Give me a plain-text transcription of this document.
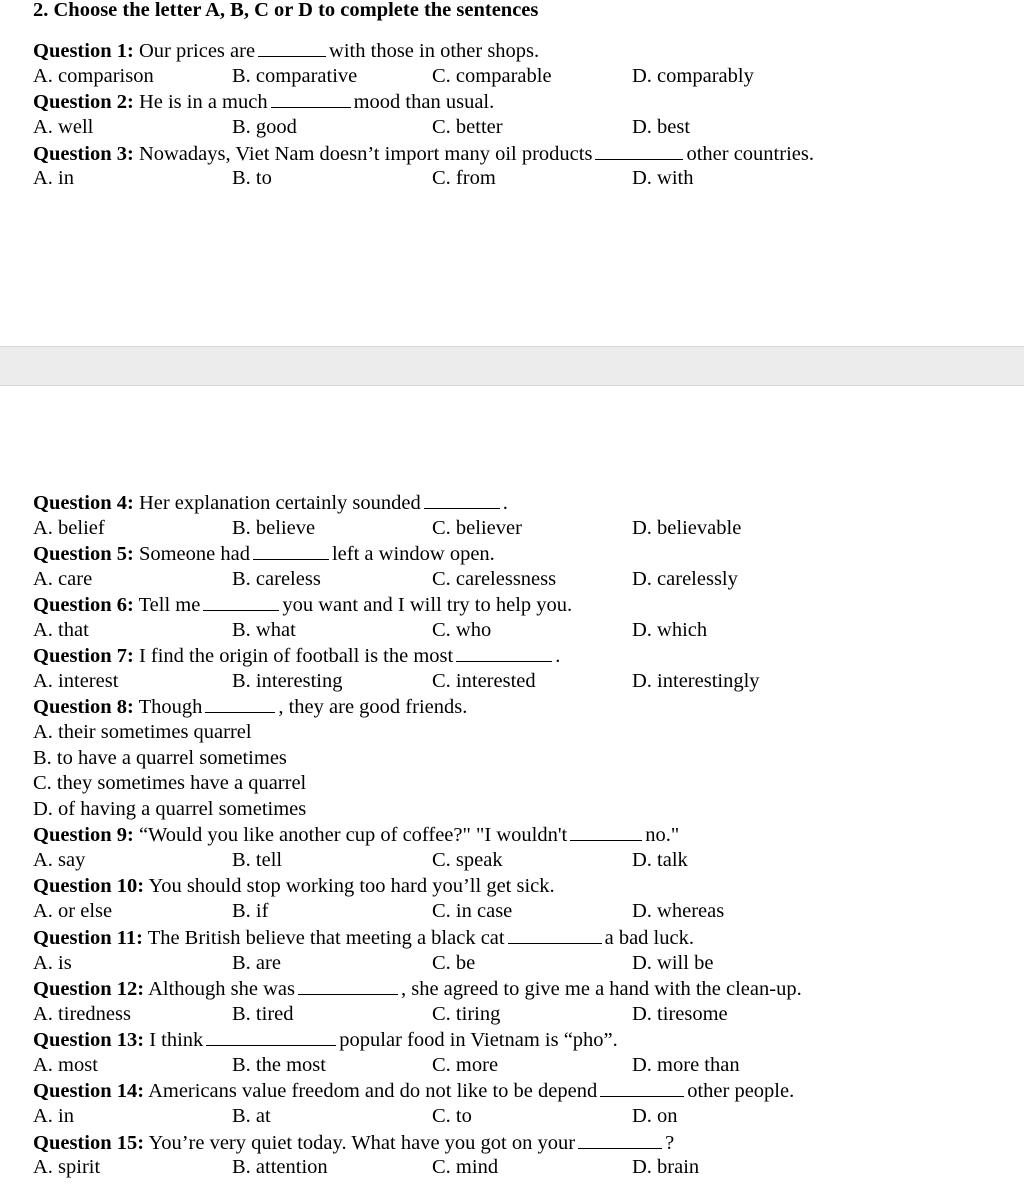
2. Choose the letter A, B, C or D to complete the sentences
Question 1: Our prices are	with those in other shops.
A. comparison	B. comparative	C. comparable	D. comparably
Question 2: He is in a much	mood than usual.
A. well	B. good	C. better	D. best
Question 3: Nowadays, Viet Nam doesn’t import many oil products	other countries.
A. in	B. to	C. from	D. with
Question 4: Her explanation certainly sounded	.
A. belief	B. believe	C. believer	D. believable
Question 5: Someone had	left a window open.
A. care	B. careless	C. carelessness	D. carelessly
Question 6: Tell me	you want and I will try to help you.
A. that	B. what	C. who	D. which
Question 7: I find the origin of football is the most	.
A. interest	B. interesting	C. interested	D. interestingly
Question 8: Though	, they are good friends.
A. their sometimes quarrel
B. to have a quarrel sometimes
C. they sometimes have a quarrel
D. of having a quarrel sometimes
Question 9: “Would you like another cup of coffee?" "I wouldn't	no."
A. say	B. tell	C. speak	D. talk
Question 10: You should stop working too hard you’ll get sick.
A. or else	B. if	C. in case	D. whereas
Question 11: The British believe that meeting a black cat	a bad luck.
A. is	B. are	C. be	D. will be
Question 12: Although she was	, she agreed to give me a hand with the clean-up.
A. tiredness	B. tired	C. tiring	D. tiresome
Question 13: I think	popular food in Vietnam is “pho”.
A. most	B. the most	C. more	D. more than
Question 14: Americans value freedom and do not like to be depend	other people.
A. in	B. at	C. to	D. on
Question 15: You’re very quiet today. What have you got on your	?
A. spirit	B. attention	C. mind	D. brain
